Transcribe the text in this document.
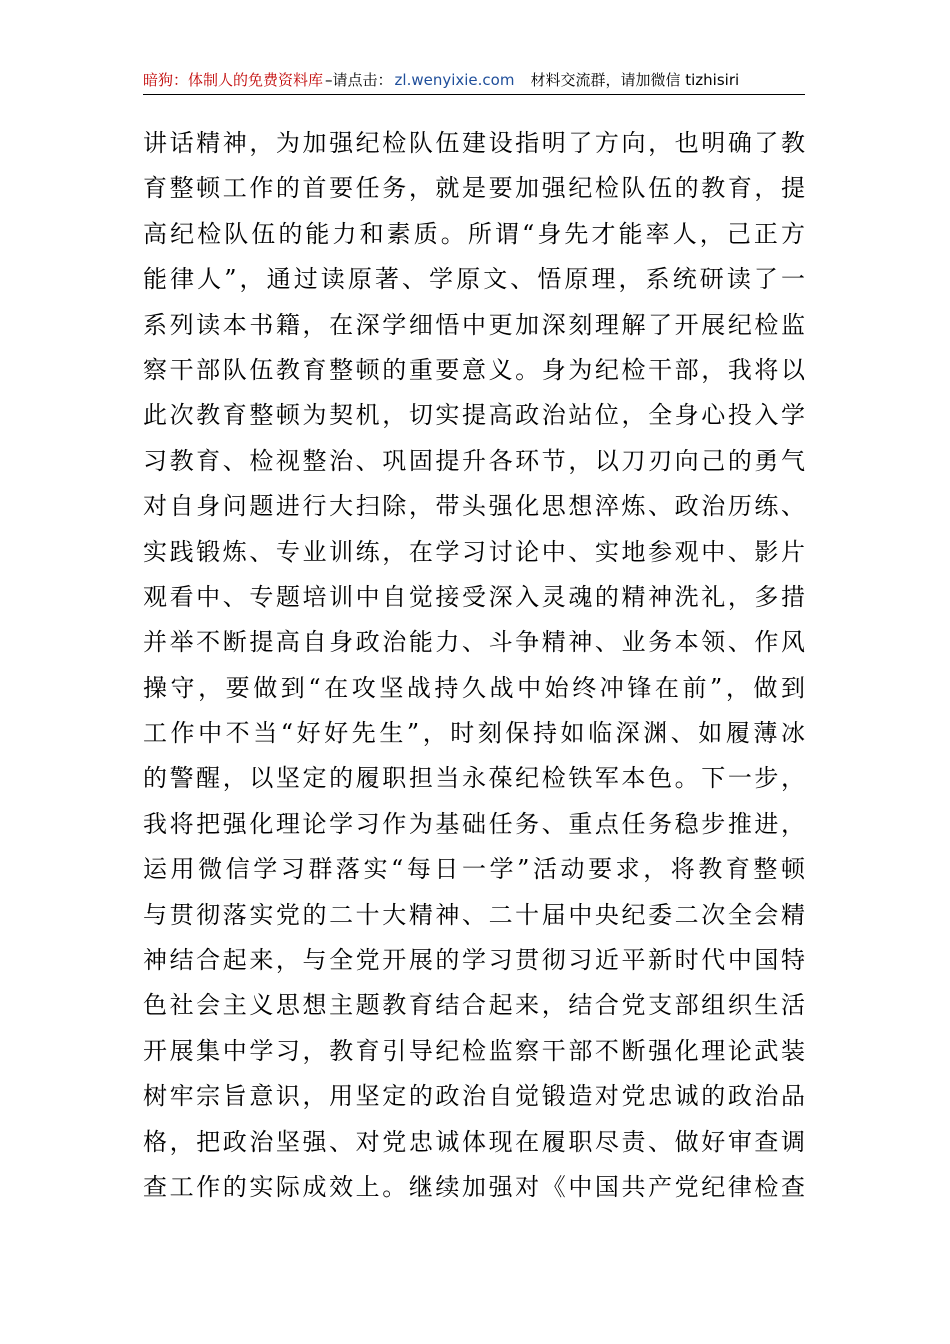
暗狗：体制人的免费资料库 –请点击： zl.wenyixie.com 材料交流群，请加微信 tizhisiri
讲话精神，为加强纪检队伍建设指明了方向，也明确了教
育整顿工作的首要任务，就是要加强纪检队伍的教育，提
高纪检队伍的能力和素质。所谓“身先才能率人，己正方
能律人”，通过读原著、学原文、悟原理，系统研读了一
系列读本书籍，在深学细悟中更加深刻理解了开展纪检监
察干部队伍教育整顿的重要意义。身为纪检干部，我将以
此次教育整顿为契机，切实提高政治站位，全身心投入学
习教育、检视整治、巩固提升各环节，以刀刃向己的勇气
对自身问题进行大扫除，带头强化思想淬炼、政治历练、
实践锻炼、专业训练，在学习讨论中、实地参观中、影片
观看中、专题培训中自觉接受深入灵魂的精神洗礼，多措
并举不断提高自身政治能力、斗争精神、业务本领、作风
操守，要做到“在攻坚战持久战中始终冲锋在前”，做到
工作中不当“好好先生”，时刻保持如临深渊、如履薄冰
的警醒，以坚定的履职担当永葆纪检铁军本色。下一步，
我将把强化理论学习作为基础任务、重点任务稳步推进，
运用微信学习群落实“每日一学”活动要求，将教育整顿
与贯彻落实党的二十大精神、二十届中央纪委二次全会精
神结合起来，与全党开展的学习贯彻习近平新时代中国特
色社会主义思想主题教育结合起来，结合党支部组织生活
开展集中学习，教育引导纪检监察干部不断强化理论武装
树牢宗旨意识，用坚定的政治自觉锻造对党忠诚的政治品
格，把政治坚强、对党忠诚体现在履职尽责、做好审查调
查工作的实际成效上。继续加强对《中国共产党纪律检查
